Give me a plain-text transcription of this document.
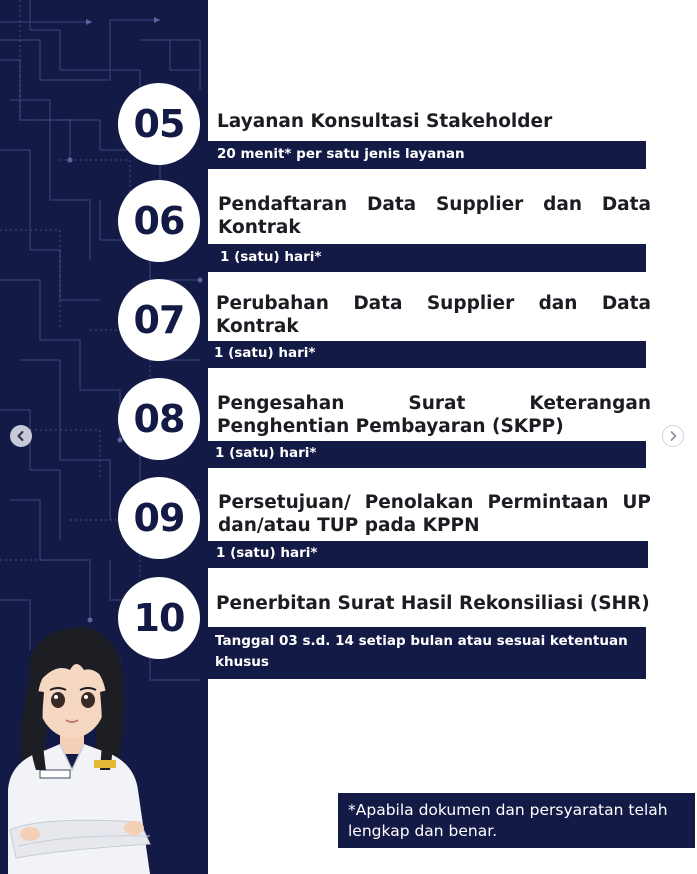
05	Layanan Konsultasi Stakeholder

20 menit* per satu jenis layanan
06	Pendaftaran Data Supplier dan Data Kontrak

1 (satu) hari*
07	Perubahan Data Supplier dan Data Kontrak

1 (satu) hari*
08	Pengesahan Surat Keterangan Penghentian Pembayaran (SKPP)

1 (satu) hari*
09	Persetujuan/ Penolakan Permintaan UP dan/atau TUP pada KPPN

1 (satu) hari*
10	Penerbitan Surat Hasil Rekonsiliasi (SHR)

Tanggal 03 s.d. 14 setiap bulan atau sesuai ketentuan khusus
*Apabila dokumen dan persyaratan telah lengkap dan benar.
